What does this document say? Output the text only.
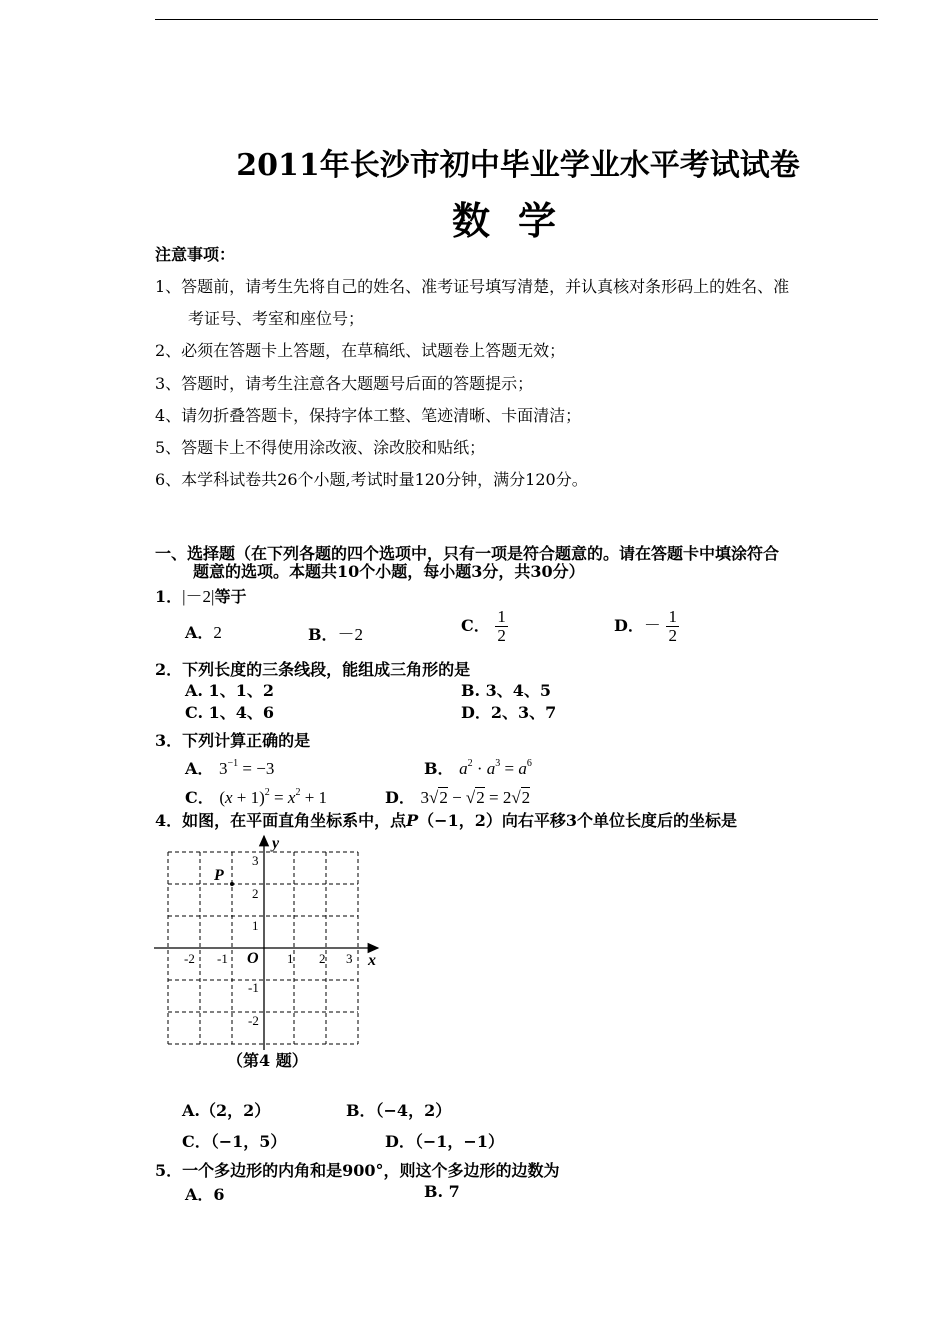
2011年长沙市初中毕业学业水平考试试卷
数学
注意事项：
1、答题前，请考生先将自己的姓名、准考证号填写清楚，并认真核对条形码上的姓名、准
考证号、考室和座位号；
2、必须在答题卡上答题，在草稿纸、试题卷上答题无效；
3、答题时，请考生注意各大题题号后面的答题提示；
4、请勿折叠答题卡，保持字体工整、笔迹清晰、卡面清洁；
5、答题卡上不得使用涂改液、涂改胶和贴纸；
6、本学科试卷共26个小题,考试时量120分钟，满分120分。
一、选择题（在下列各题的四个选项中，只有一项是符合题意的。请在答题卡中填涂符合
题意的选项。本题共10个小题，每小题3分，共30分）
1．|－2|等于
A．2	B．－2	C． $\frac{1}{2}$	D．－ $\frac{1}{2}$
2．下列长度的三条线段，能组成三角形的是
A. 1、1、2	B. 3、4、5
C. 1、4、6	D．2、3、7
3．下列计算正确的是
A． $3^{-1} = -3$	B． $a^2 \cdot a^3 = a^6$
C． $(x + 1)^2 = x^2 + 1$	D． 3√2 − √2 = 2√2
4．如图，在平面直角坐标系中，点P（−1，2）向右平移3个单位长度后的坐标是
x
y
O
P
-2 -1	1 2 3
3
2
1
-1
-2
（第4 题）
A.（2，2）	B．（−4，2）
C．（−1，5）	D．（−1，−1）
5．一个多边形的内角和是900°，则这个多边形的边数为
A．6	B. 7
